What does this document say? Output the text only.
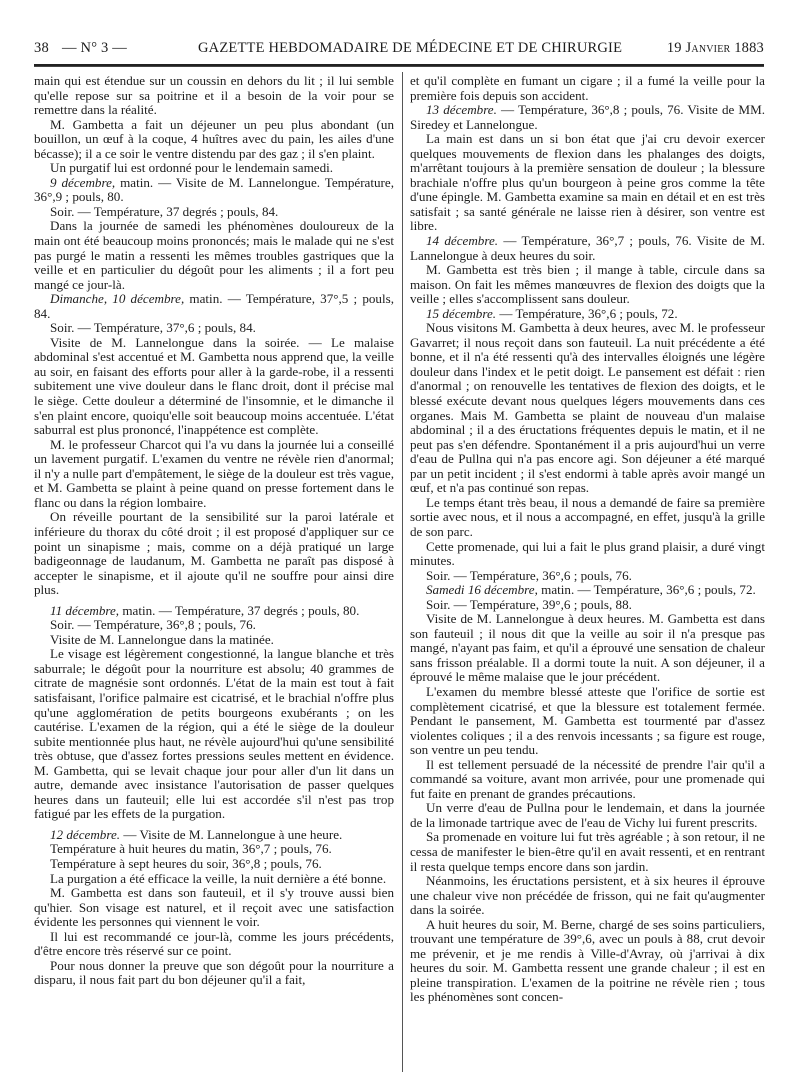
38 — N° 3 —	GAZETTE HEBDOMADAIRE DE MÉDECINE ET DE CHIRURGIE	19 Janvier 1883

main qui est étendue sur un coussin en dehors du lit ; il lui semble qu'elle repose sur sa poitrine et il a besoin de la voir pour se remettre dans la réalité.

M. Gambetta a fait un déjeuner un peu plus abondant (un bouillon, un œuf à la coque, 4 huîtres avec du pain, les ailes d'une bécasse); il a ce soir le ventre distendu par des gaz ; il s'en plaint.

Un purgatif lui est ordonné pour le lendemain samedi.

9 décembre, matin. — Visite de M. Lannelongue. Température, 36°,9 ; pouls, 80.

Soir. — Température, 37 degrés ; pouls, 84.

Dans la journée de samedi les phénomènes douloureux de la main ont été beaucoup moins prononcés; mais le malade qui ne s'est pas purgé le matin a ressenti les mêmes troubles gastriques que la veille et en particulier du dégoût pour les aliments ; il a fort peu mangé ce jour-là.

Dimanche, 10 décembre, matin. — Température, 37°,5 ; pouls, 84.

Soir. — Température, 37°,6 ; pouls, 84.

Visite de M. Lannelongue dans la soirée. — Le malaise abdominal s'est accentué et M. Gambetta nous apprend que, la veille au soir, en faisant des efforts pour aller à la garde-robe, il a ressenti subitement une vive douleur dans le flanc droit, dont il précise mal le siège. Cette douleur a déterminé de l'insomnie, et le dimanche il s'en plaint encore, quoiqu'elle soit beaucoup moins accentuée. L'état saburral est plus prononcé, l'inappétence est complète.

M. le professeur Charcot qui l'a vu dans la journée lui a conseillé un lavement purgatif. L'examen du ventre ne révèle rien d'anormal; il n'y a nulle part d'empâtement, le siège de la douleur est très vague, et M. Gambetta se plaint à peine quand on presse fortement dans le flanc ou dans la région lombaire.

On réveille pourtant de la sensibilité sur la paroi latérale et inférieure du thorax du côté droit ; il est proposé d'appliquer sur ce point un sinapisme ; mais, comme on a déjà pratiqué un large badigeonnage de laudanum, M. Gambetta ne paraît pas disposé à accepter le sinapisme, et il ajoute qu'il ne souffre pour ainsi dire plus.

11 décembre, matin. — Température, 37 degrés ; pouls, 80.

Soir. — Température, 36°,8 ; pouls, 76.

Visite de M. Lannelongue dans la matinée.

Le visage est légèrement congestionné, la langue blanche et très saburrale; le dégoût pour la nourriture est absolu; 40 grammes de citrate de magnésie sont ordonnés. L'état de la main est tout à fait satisfaisant, l'orifice palmaire est cicatrisé, et le brachial n'offre plus qu'une agglomération de petits bourgeons exubérants ; on les cautérise. L'examen de la région, qui a été le siège de la douleur subite mentionnée plus haut, ne révèle aujourd'hui qu'une sensibilité très obtuse, que d'assez fortes pressions seules mettent en évidence. M. Gambetta, qui se levait chaque jour pour aller d'un lit dans un autre, demande avec insistance l'autorisation de passer quelques heures dans un fauteuil; elle lui est accordée s'il n'est pas trop fatigué par les effets de la purgation.

12 décembre. — Visite de M. Lannelongue à une heure.

Température à huit heures du matin, 36°,7 ; pouls, 76.

Température à sept heures du soir, 36°,8 ; pouls, 76.

La purgation a été efficace la veille, la nuit dernière a été bonne.

M. Gambetta est dans son fauteuil, et il s'y trouve aussi bien qu'hier. Son visage est naturel, et il reçoit avec une satisfaction évidente les personnes qui viennent le voir.

Il lui est recommandé ce jour-là, comme les jours précédents, d'être encore très réservé sur ce point.

Pour nous donner la preuve que son dégoût pour la nourriture a disparu, il nous fait part du bon déjeuner qu'il a fait,

et qu'il complète en fumant un cigare ; il a fumé la veille pour la première fois depuis son accident.

13 décembre. — Température, 36°,8 ; pouls, 76. Visite de MM. Siredey et Lannelongue.

La main est dans un si bon état que j'ai cru devoir exercer quelques mouvements de flexion dans les phalanges des doigts, m'arrêtant toujours à la première sensation de douleur ; la blessure brachiale n'offre plus qu'un bourgeon à peine gros comme la tête d'une épingle. M. Gambetta examine sa main en détail et en est très satisfait ; sa santé générale ne laisse rien à désirer, son ventre est libre.

14 décembre. — Température, 36°,7 ; pouls, 76. Visite de M. Lannelongue à deux heures du soir.

M. Gambetta est très bien ; il mange à table, circule dans sa maison. On fait les mêmes manœuvres de flexion des doigts que la veille ; elles s'accomplissent sans douleur.

15 décembre. — Température, 36°,6 ; pouls, 72.

Nous visitons M. Gambetta à deux heures, avec M. le professeur Gavarret; il nous reçoit dans son fauteuil. La nuit précédente a été bonne, et il n'a été ressenti qu'à des intervalles éloignés une légère douleur dans l'index et le petit doigt. Le pansement est défait : rien d'anormal ; on renouvelle les tentatives de flexion des doigts, et le blessé exécute devant nous quelques légers mouvements dans ces organes. Mais M. Gambetta se plaint de nouveau d'un malaise abdominal ; il a des éructations fréquentes depuis le matin, et il ne peut pas s'en défendre. Spontanément il a pris aujourd'hui un verre d'eau de Pullna qui n'a pas encore agi. Son déjeuner a été marqué par un petit incident ; il s'est endormi à table après avoir mangé un œuf, et n'a pas continué son repas.

Le temps étant très beau, il nous a demandé de faire sa première sortie avec nous, et il nous a accompagné, en effet, jusqu'à la grille de son parc.

Cette promenade, qui lui a fait le plus grand plaisir, a duré vingt minutes.

Soir. — Température, 36°,6 ; pouls, 76.

Samedi 16 décembre, matin. — Température, 36°,6 ; pouls, 72.

Soir. — Température, 39°,6 ; pouls, 88.

Visite de M. Lannelongue à deux heures. M. Gambetta est dans son fauteuil ; il nous dit que la veille au soir il n'a presque pas mangé, n'ayant pas faim, et qu'il a éprouvé une sensation de chaleur sans frisson préalable. Il a dormi toute la nuit. A son déjeuner, il a éprouvé le même malaise que le jour précédent.

L'examen du membre blessé atteste que l'orifice de sortie est complètement cicatrisé, et que la blessure est totalement fermée. Pendant le pansement, M. Gambetta est tourmenté par d'assez violentes coliques ; il a des renvois incessants ; sa figure est rouge, son ventre un peu tendu.

Il est tellement persuadé de la nécessité de prendre l'air qu'il a commandé sa voiture, avant mon arrivée, pour une promenade qui fut faite en prenant de grandes précautions.

Un verre d'eau de Pullna pour le lendemain, et dans la journée de la limonade tartrique avec de l'eau de Vichy lui furent prescrits.

Sa promenade en voiture lui fut très agréable ; à son retour, il ne cessa de manifester le bien-être qu'il en avait ressenti, et en rentrant il resta quelque temps encore dans son jardin.

Néanmoins, les éructations persistent, et à six heures il éprouve une chaleur vive non précédée de frisson, qui ne fait qu'augmenter dans la soirée.

A huit heures du soir, M. Berne, chargé de ses soins particuliers, trouvant une température de 39°,6, avec un pouls à 88, crut devoir me prévenir, et je me rendis à Ville-d'Avray, où j'arrivai à dix heures du soir. M. Gambetta ressent une grande chaleur ; il est en pleine transpiration. L'examen de la poitrine ne révèle rien ; tous les phénomènes sont concen-
